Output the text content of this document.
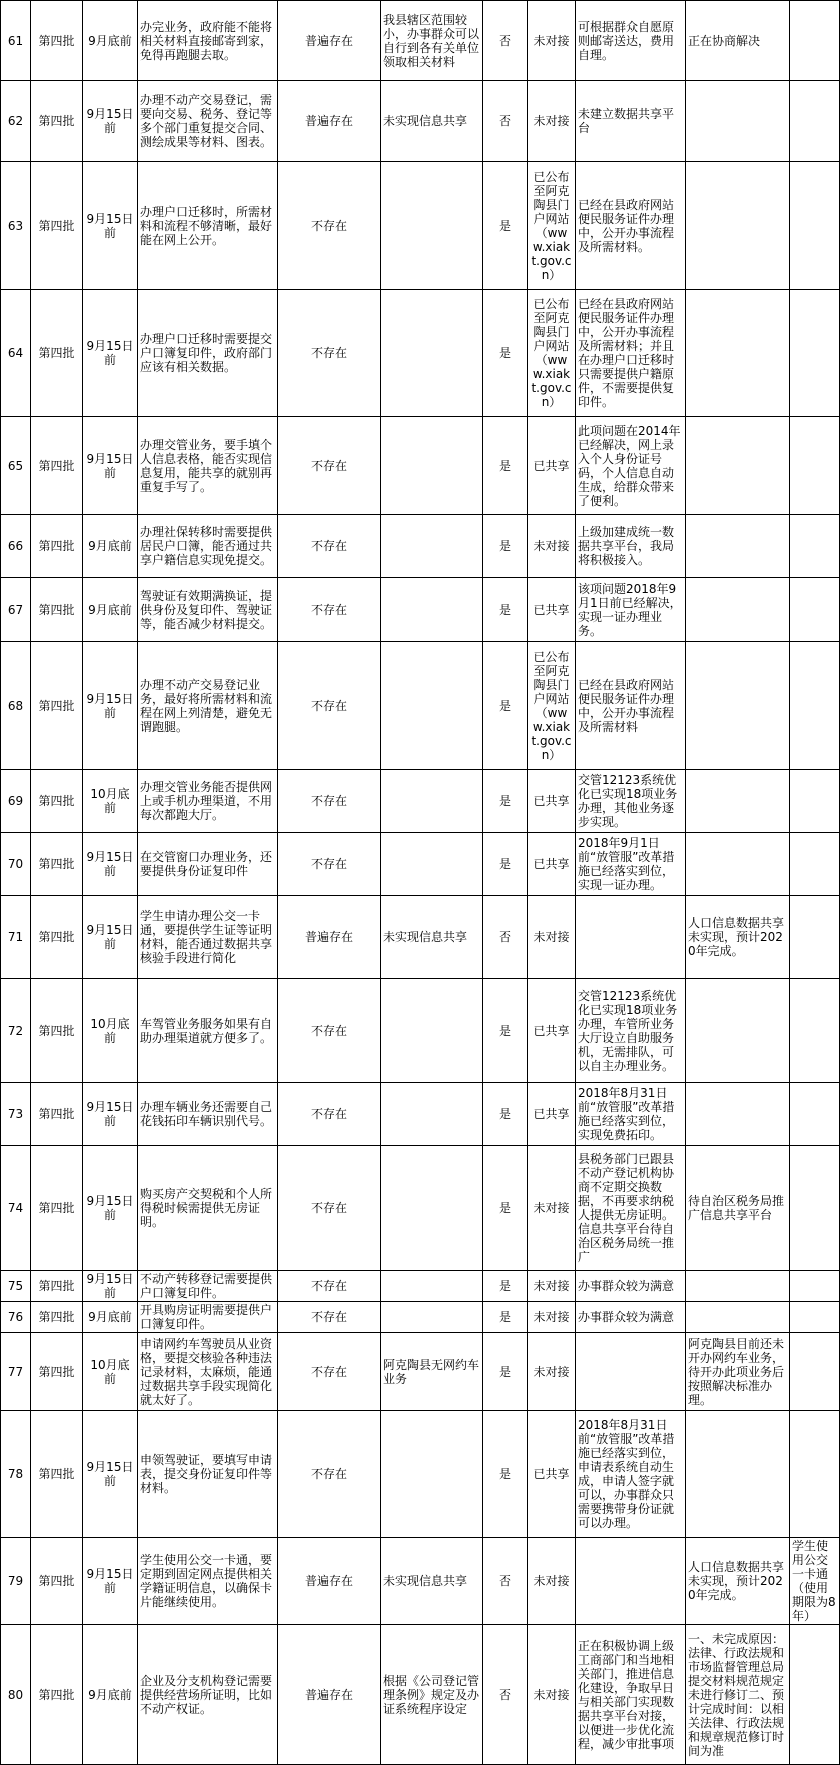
61	第四批	9月底前	办完业务，政府能不能将相关材料直接邮寄到家，免得再跑腿去取。	普遍存在	我县辖区范围较小，办事群众可以自行到各有关单位领取相关材料	否	未对接	可根据群众自愿原则邮寄送达，费用自理。	正在协商解决	
62	第四批	9月15日前	办理不动产交易登记，需要向交易、税务、登记等多个部门重复提交合同、测绘成果等材料、图表。	普遍存在	未实现信息共享	否	未对接	未建立数据共享平台		
63	第四批	9月15日前	办理户口迁移时，所需材料和流程不够清晰，最好能在网上公开。	不存在		是	已公布至阿克陶县门户网站（www.xiakt.gov.cn）	已经在县政府网站便民服务证件办理中，公开办事流程及所需材料。		
64	第四批	9月15日前	办理户口迁移时需要提交户口簿复印件，政府部门应该有相关数据。	不存在		是	已公布至阿克陶县门户网站（www.xiakt.gov.cn）	已经在县政府网站便民服务证件办理中，公开办事流程及所需材料；并且在办理户口迁移时只需要提供户籍原件，不需要提供复印件。		
65	第四批	9月15日前	办理交管业务，要手填个人信息表格，能否实现信息复用，能共享的就别再重复手写了。	不存在		是	已共享	此项问题在2014年已经解决，网上录入个人身份证号码，个人信息自动生成，给群众带来了便利。		
66	第四批	9月底前	办理社保转移时需要提供居民户口簿，能否通过共享户籍信息实现免提交。	不存在		是	未对接	上级加建成统一数据共享平台，我局将积极接入。		
67	第四批	9月底前	驾驶证有效期满换证，提供身份及复印件、驾驶证等，能否减少材料提交。	不存在		是	已共享	该项问题2018年9月1日前已经解决，实现一证办理业务。		
68	第四批	9月15日前	办理不动产交易登记业务，最好将所需材料和流程在网上列清楚，避免无谓跑腿。	不存在		是	已公布至阿克陶县门户网站（www.xiakt.gov.cn）	已经在县政府网站便民服务证件办理中，公开办事流程及所需材料		
69	第四批	10月底前	办理交管业务能否提供网上或手机办理渠道，不用每次都跑大厅。	不存在		是	已共享	交管12123系统优化已实现18项业务办理，其他业务逐步实现。		
70	第四批	9月15日前	在交管窗口办理业务，还要提供身份证复印件	不存在		是	已共享	2018年9月1日前“放管服”改革措施已经落实到位，实现一证办理。		
71	第四批	9月15日前	学生申请办理公交一卡通，要提供学生证等证明材料，能否通过数据共享核验手段进行简化	普遍存在	未实现信息共享	否	未对接		人口信息数据共享未实现，预计2020年完成。	
72	第四批	10月底前	车驾管业务服务如果有自助办理渠道就方便多了。	不存在		是	已共享	交管12123系统优化已实现18项业务办理，车管所业务大厅设立自助服务机，无需排队，可以自主办理业务。		
73	第四批	9月15日前	办理车辆业务还需要自己花钱拓印车辆识别代号。	不存在		是	已共享	2018年8月31日前“放管服”改革措施已经落实到位，实现免费拓印。		
74	第四批	9月15日前	购买房产交契税和个人所得税时候需提供无房证明。	不存在		是	未对接	县税务部门已跟县不动产登记机构协商不定期交换数据，不再要求纳税人提供无房证明。信息共享平台待自治区税务局统一推广	待自治区税务局推广信息共享平台	
75	第四批	9月15日前	不动产转移登记需要提供户口簿复印件。	不存在		是	未对接	办事群众较为满意		
76	第四批	9月底前	开具购房证明需要提供户口簿复印件。	不存在		是	未对接	办事群众较为满意		
77	第四批	10月底前	申请网约车驾驶员从业资格，要提交核验各种违法记录材料，太麻烦，能通过数据共享手段实现简化就太好了。	不存在	阿克陶县无网约车业务	是	未对接		阿克陶县目前还未开办网约车业务，待开办此项业务后按照解决标准办理。	
78	第四批	9月15日前	申领驾驶证，要填写申请表，提交身份证复印件等材料。	不存在		是	已共享	2018年8月31日前“放管服”改革措施已经落实到位，申请表系统自动生成，申请人签字就可以，办事群众只需要携带身份证就可以办理。		
79	第四批	9月15日前	学生使用公交一卡通，要定期到固定网点提供相关学籍证明信息，以确保卡片能继续使用。	普遍存在	未实现信息共享	否	未对接		人口信息数据共享未实现，预计2020年完成。	学生使用公交一卡通（使用期限为8年）
80	第四批	9月底前	企业及分支机构登记需要提供经营场所证明，比如不动产权证。	普遍存在	根据《公司登记管理条例》规定及办证系统程序设定	否	未对接	正在积极协调上级工商部门和当地相关部门，推进信息化建设，争取早日与相关部门实现数据共享平台对接，以便进一步优化流程，减少审批事项	一、未完成原因：法律、行政法规和市场监督管理总局提交材料规范规定未进行修订二、预计完成时间：以相关法律、行政法规和规章规范修订时间为准	
